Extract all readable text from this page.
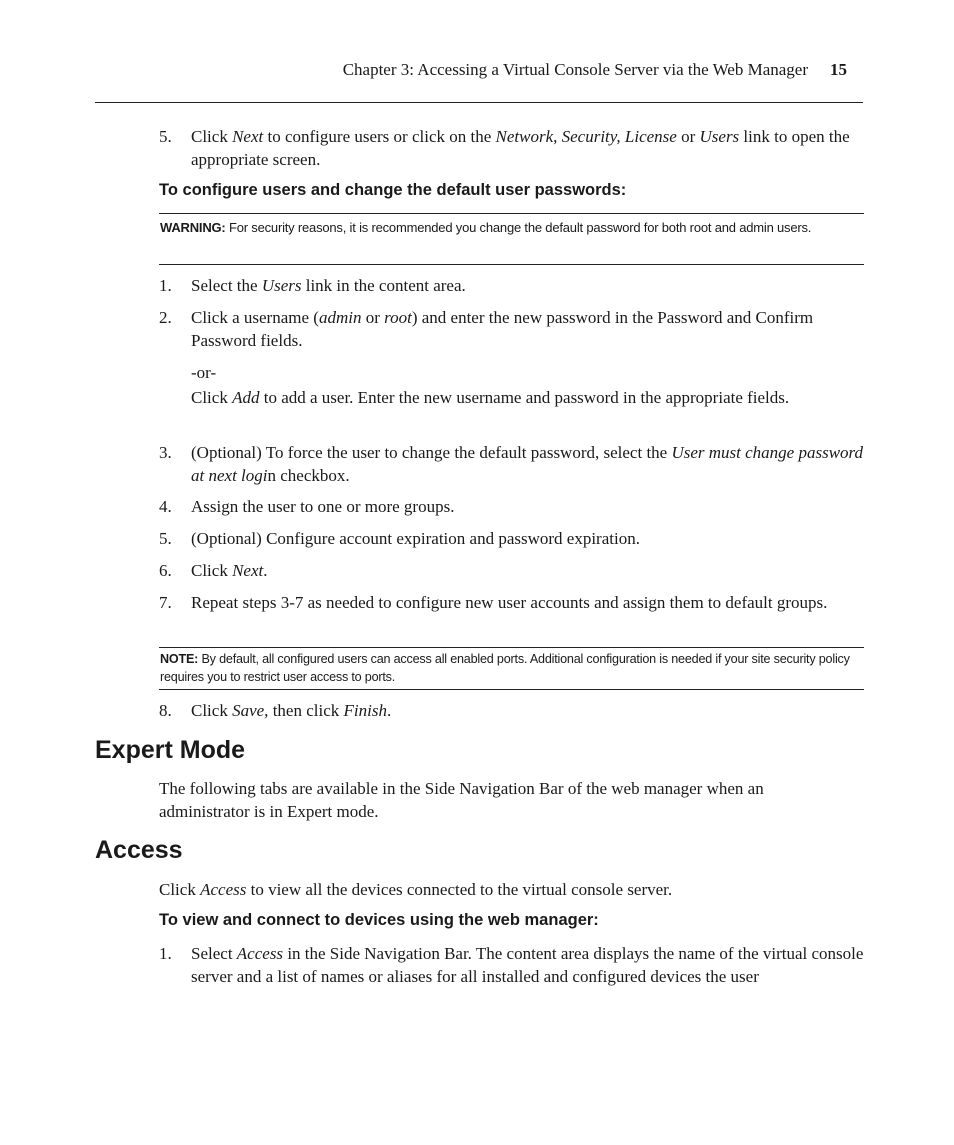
Chapter 3: Accessing a Virtual Console Server via the Web Manager 15
5. Click Next to configure users or click on the Network, Security, License or Users link to open the appropriate screen.
To configure users and change the default user passwords:
WARNING: For security reasons, it is recommended you change the default password for both root and admin users.
1. Select the Users link in the content area.
2. Click a username (admin or root) and enter the new password in the Password and Confirm Password fields.
-or-
Click Add to add a user. Enter the new username and password in the appropriate fields.
3. (Optional) To force the user to change the default password, select the User must change password at next login checkbox.
4. Assign the user to one or more groups.
5. (Optional) Configure account expiration and password expiration.
6. Click Next.
7. Repeat steps 3-7 as needed to configure new user accounts and assign them to default groups.
NOTE: By default, all configured users can access all enabled ports. Additional configuration is needed if your site security policy requires you to restrict user access to ports.
8. Click Save, then click Finish.
Expert Mode
The following tabs are available in the Side Navigation Bar of the web manager when an administrator is in Expert mode.
Access
Click Access to view all the devices connected to the virtual console server.
To view and connect to devices using the web manager:
1. Select Access in the Side Navigation Bar. The content area displays the name of the virtual console server and a list of names or aliases for all installed and configured devices the user
